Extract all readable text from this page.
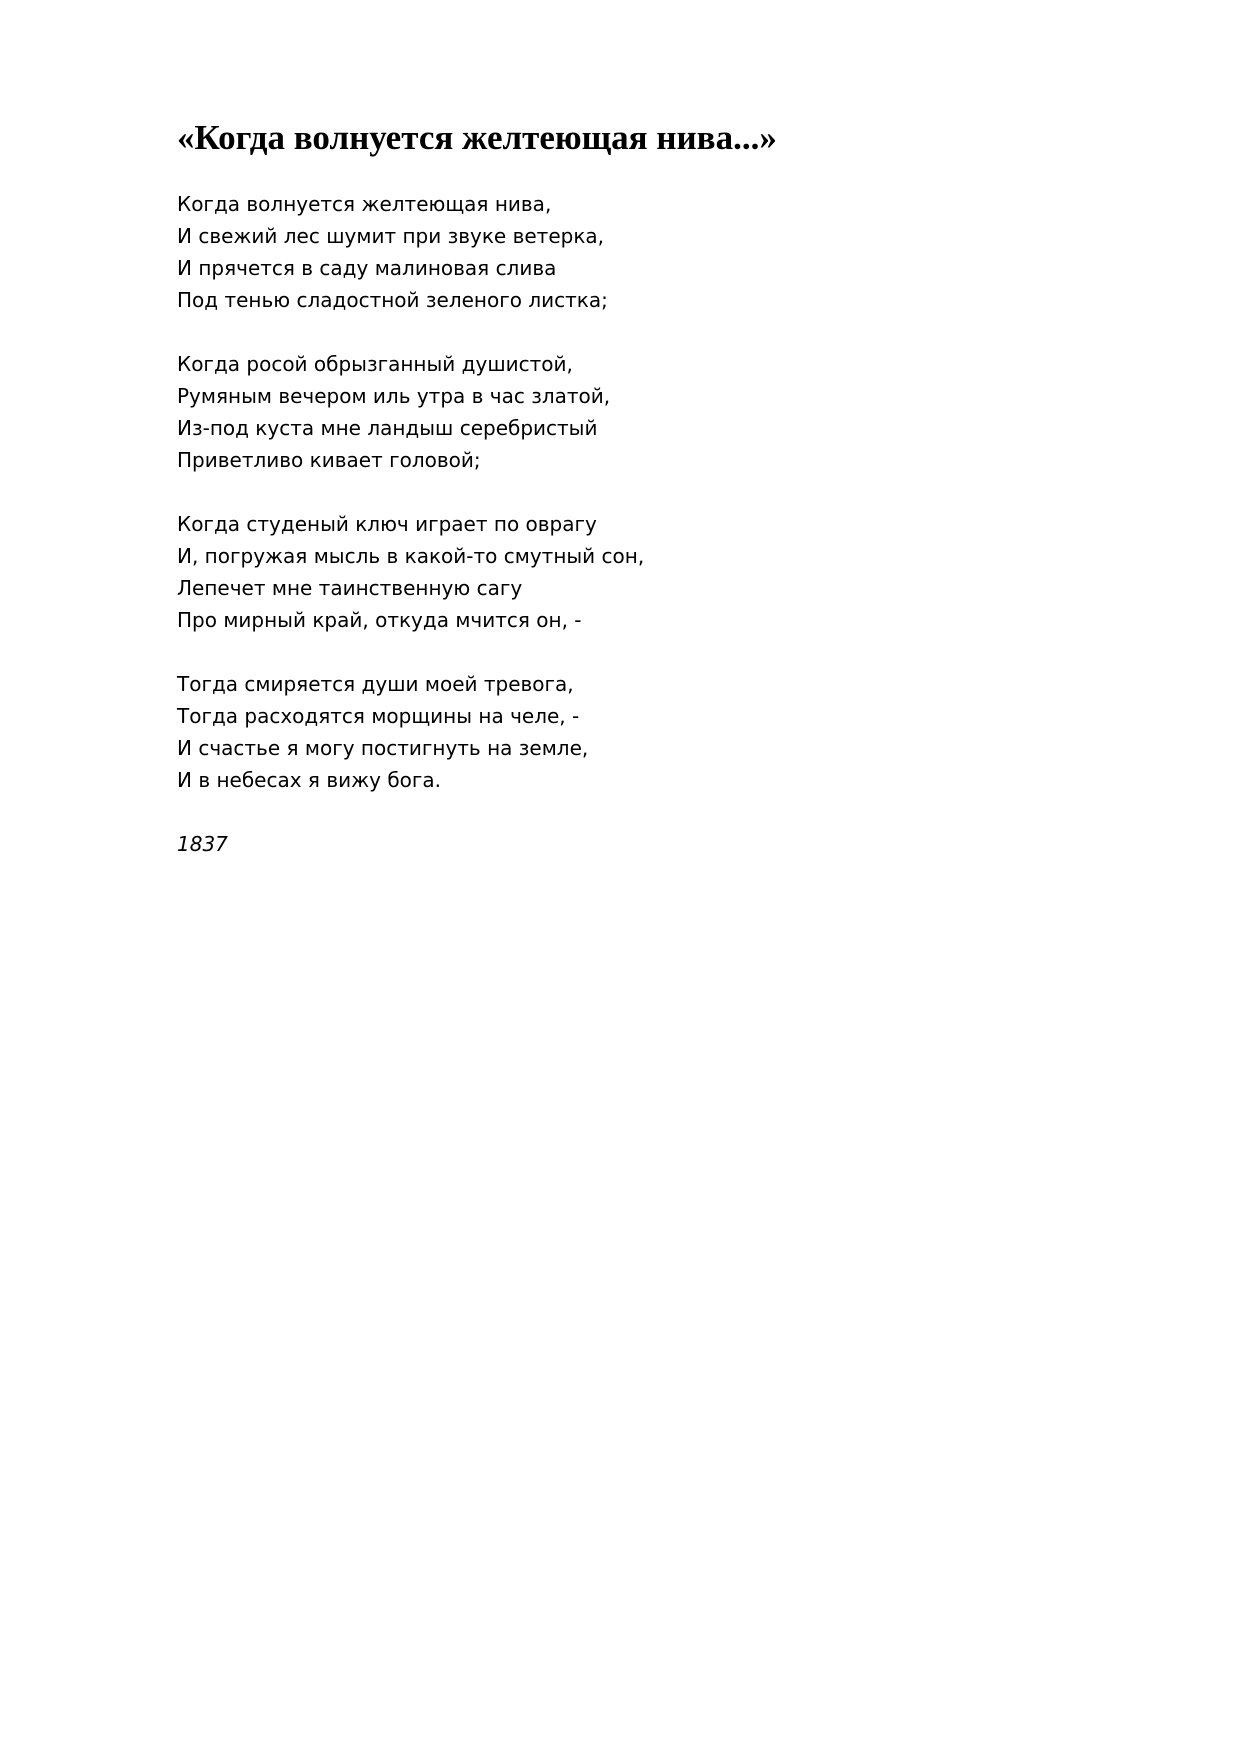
«Когда волнуется желтеющая нива...»
Когда волнуется желтеющая нива,
И свежий лес шумит при звуке ветерка,
И прячется в саду малиновая слива
Под тенью сладостной зеленого листка;
Когда росой обрызганный душистой,
Румяным вечером иль утра в час златой,
Из-под куста мне ландыш серебристый
Приветливо кивает головой;
Когда студеный ключ играет по оврагу
И, погружая мысль в какой-то смутный сон,
Лепечет мне таинственную сагу
Про мирный край, откуда мчится он, -
Тогда смиряется души моей тревога,
Тогда расходятся морщины на челе, -
И счастье я могу постигнуть на земле,
И в небесах я вижу бога.
1837
